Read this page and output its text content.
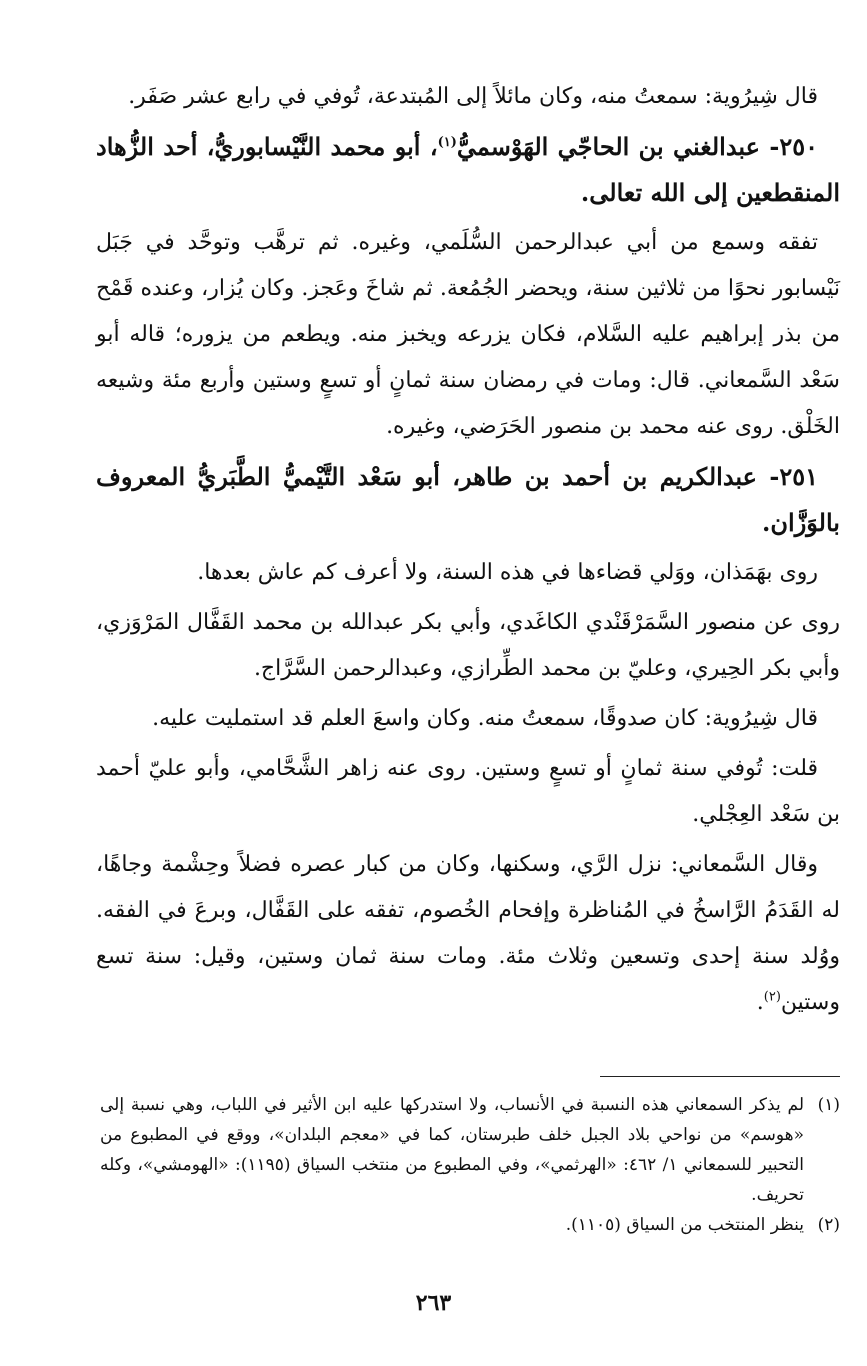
قال شِيرُوية: سمعتُ منه، وكان مائلاً إلى المُبتدعة، تُوفي في رابع عشر صَفَر.

٢٥٠- عبدالغني بن الحاجّي الهَوْسميُّ$^{(١)}$، أبو محمد النَّيْسابوريُّ، أحد الزُّهاد المنقطعين إلى الله تعالى.

تفقه وسمع من أبي عبدالرحمن السُّلَمي، وغيره. ثم ترهَّب وتوحَّد في جَبَل نَيْسابور نحوًا من ثلاثين سنة، ويحضر الجُمُعة. ثم شاخَ وعَجز. وكان يُزار، وعنده قَمْح من بذر إبراهيم عليه السَّلام، فكان يزرعه ويخبز منه. ويطعم من يزوره؛ قاله أبو سَعْد السَّمعاني. قال: ومات في رمضان سنة ثمانٍ أو تسعٍ وستين وأربع مئة وشيعه الخَلْق. روى عنه محمد بن منصور الحَرَضي، وغيره.

٢٥١- عبدالكريم بن أحمد بن طاهر، أبو سَعْد التَّيْميُّ الطَّبَريُّ المعروف بالوَزَّان.

روى بهَمَذان، ووَلي قضاءها في هذه السنة، ولا أعرف كم عاش بعدها.

روى عن منصور السَّمَرْقَنْدي الكاغَدي، وأبي بكر عبدالله بن محمد القَفَّال المَرْوَزي، وأبي بكر الحِيري، وعليّ بن محمد الطِّرازي، وعبدالرحمن السَّرَّاج.

قال شِيرُوية: كان صدوقًا، سمعتُ منه. وكان واسعَ العلم قد استمليت عليه.

قلت: تُوفي سنة ثمانٍ أو تسعٍ وستين. روى عنه زاهر الشَّحَّامي، وأبو عليّ أحمد بن سَعْد العِجْلي.

وقال السَّمعاني: نزل الرَّي، وسكنها، وكان من كبار عصره فضلاً وحِشْمة وجاهًا، له القَدَمُ الرَّاسخُ في المُناظرة وإفحام الخُصوم، تفقه على القَفَّال، وبرعَ في الفقه. ووُلد سنة إحدى وتسعين وثلاث مئة. ومات سنة ثمان وستين، وقيل: سنة تسع وستين$^{(٢)}$.

(١)
لم يذكر السمعاني هذه النسبة في الأنساب، ولا استدركها عليه ابن الأثير في اللباب، وهي نسبة إلى «هوسم» من نواحي بلاد الجبل خلف طبرستان، كما في «معجم البلدان»، ووقع في المطبوع من التحبير للسمعاني ١/ ٤٦٢: «الهرثمي»، وفي المطبوع من منتخب السياق (١١٩٥): «الهومشي»، وكله تحريف.
(٢)
ينظر المنتخب من السياق (١١٠٥).
٢٦٣
